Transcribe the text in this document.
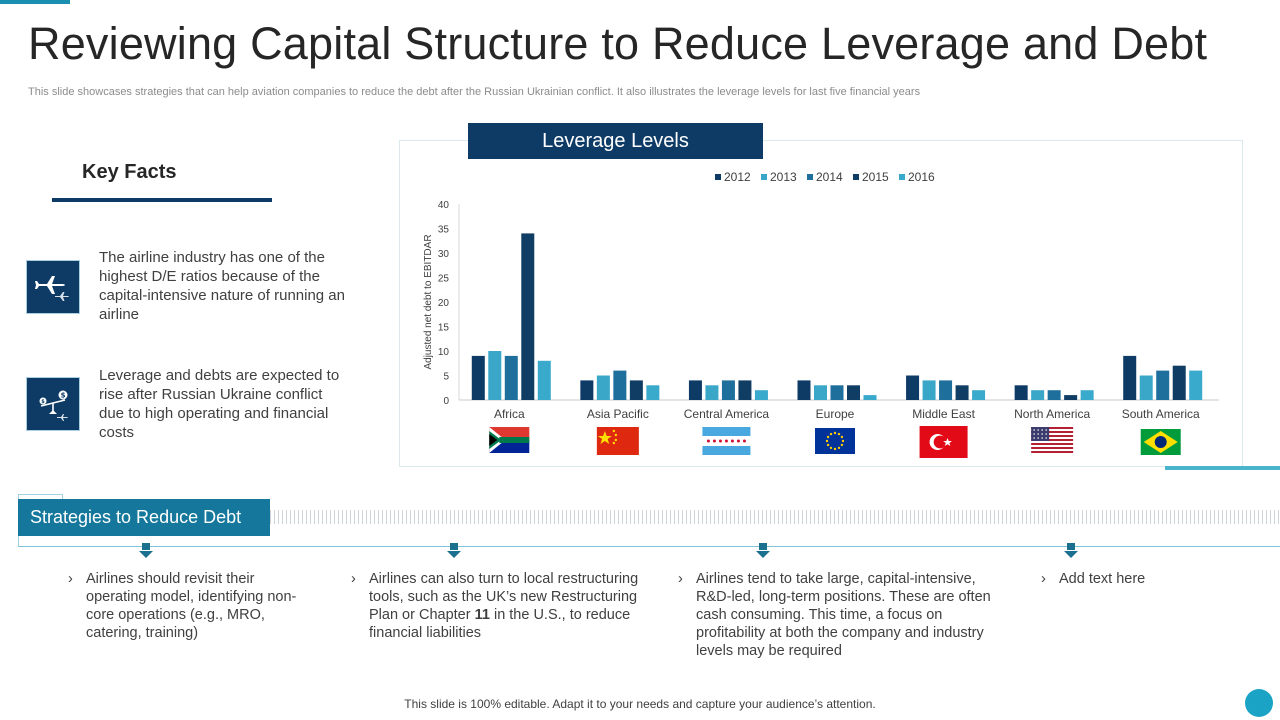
Reviewing Capital Structure to Reduce Leverage and Debt
This slide showcases strategies that can help aviation companies to reduce the debt after the Russian Ukrainian conflict. It also illustrates the leverage levels for last five financial years
Key Facts
The airline industry has one of the highest D/E ratios because of the capital-intensive nature of running an airline
$
$
Leverage and debts are expected to rise after Russian Ukraine conflict due to high operating and financial costs
0
5
10
15
20
25
30
35
40
Adjusted net debt to EBITDAR
2012 2013 2014 2015 2016
Africa	Asia Pacific	Central America	Europe	Middle East	North America	South America
Leverage Levels
Strategies to Reduce Debt
› Airlines should revisit their operating model, identifying non-core operations (e.g., MRO, catering, training)
› Airlines can also turn to local restructuring tools, such as the UK’s new Restructuring Plan or Chapter 11 in the U.S., to reduce financial liabilities
› Airlines tend to take large, capital-intensive, R&D-led, long-term positions. These are often cash consuming. This time, a focus on profitability at both the company and industry levels may be required
› Add text here
This slide is 100% editable. Adapt it to your needs and capture your audience’s attention.
